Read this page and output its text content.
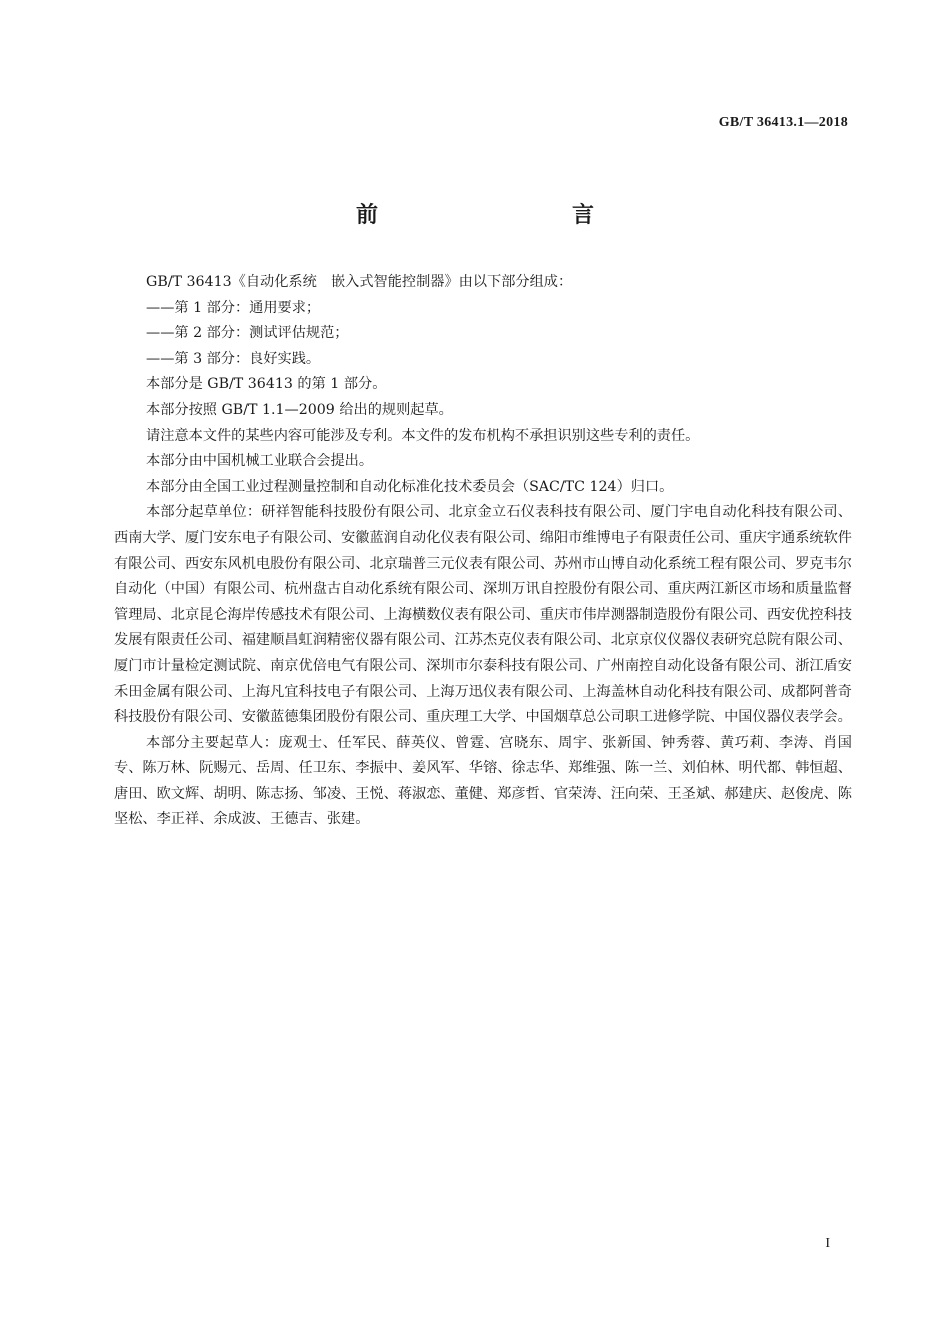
GB/T 36413.1—2018
前　　言

GB/T 36413《自动化系统　嵌入式智能控制器》由以下部分组成：

——第 1 部分：通用要求；

——第 2 部分：测试评估规范；

——第 3 部分：良好实践。

本部分是 GB/T 36413 的第 1 部分。

本部分按照 GB/T 1.1—2009 给出的规则起草。

请注意本文件的某些内容可能涉及专利。本文件的发布机构不承担识别这些专利的责任。

本部分由中国机械工业联合会提出。

本部分由全国工业过程测量控制和自动化标准化技术委员会（SAC/TC 124）归口。

本部分起草单位：研祥智能科技股份有限公司、北京金立石仪表科技有限公司、厦门宇电自动化科技有限公司、西南大学、厦门安东电子有限公司、安徽蓝润自动化仪表有限公司、绵阳市维博电子有限责任公司、重庆宇通系统软件有限公司、西安东风机电股份有限公司、北京瑞普三元仪表有限公司、苏州市山博自动化系统工程有限公司、罗克韦尔自动化（中国）有限公司、杭州盘古自动化系统有限公司、深圳万讯自控股份有限公司、重庆两江新区市场和质量监督管理局、北京昆仑海岸传感技术有限公司、上海横数仪表有限公司、重庆市伟岸测器制造股份有限公司、西安优控科技发展有限责任公司、福建顺昌虹润精密仪器有限公司、江苏杰克仪表有限公司、北京京仪仪器仪表研究总院有限公司、厦门市计量检定测试院、南京优倍电气有限公司、深圳市尔泰科技有限公司、广州南控自动化设备有限公司、浙江盾安禾田金属有限公司、上海凡宜科技电子有限公司、上海万迅仪表有限公司、上海盖林自动化科技有限公司、成都阿普奇科技股份有限公司、安徽蓝德集团股份有限公司、重庆理工大学、中国烟草总公司职工进修学院、中国仪器仪表学会。

本部分主要起草人：庞观士、任军民、薛英仪、曾霆、宫晓东、周宇、张新国、钟秀蓉、黄巧莉、李涛、肖国专、陈万林、阮赐元、岳周、任卫东、李振中、姜风军、华镕、徐志华、郑维强、陈一兰、刘伯林、明代都、韩恒超、唐田、欧文辉、胡明、陈志扬、邹凌、王悦、蒋淑恋、董健、郑彦哲、官荣涛、汪向荣、王圣斌、郝建庆、赵俊虎、陈坚松、李正祥、余成波、王德吉、张建。

I
